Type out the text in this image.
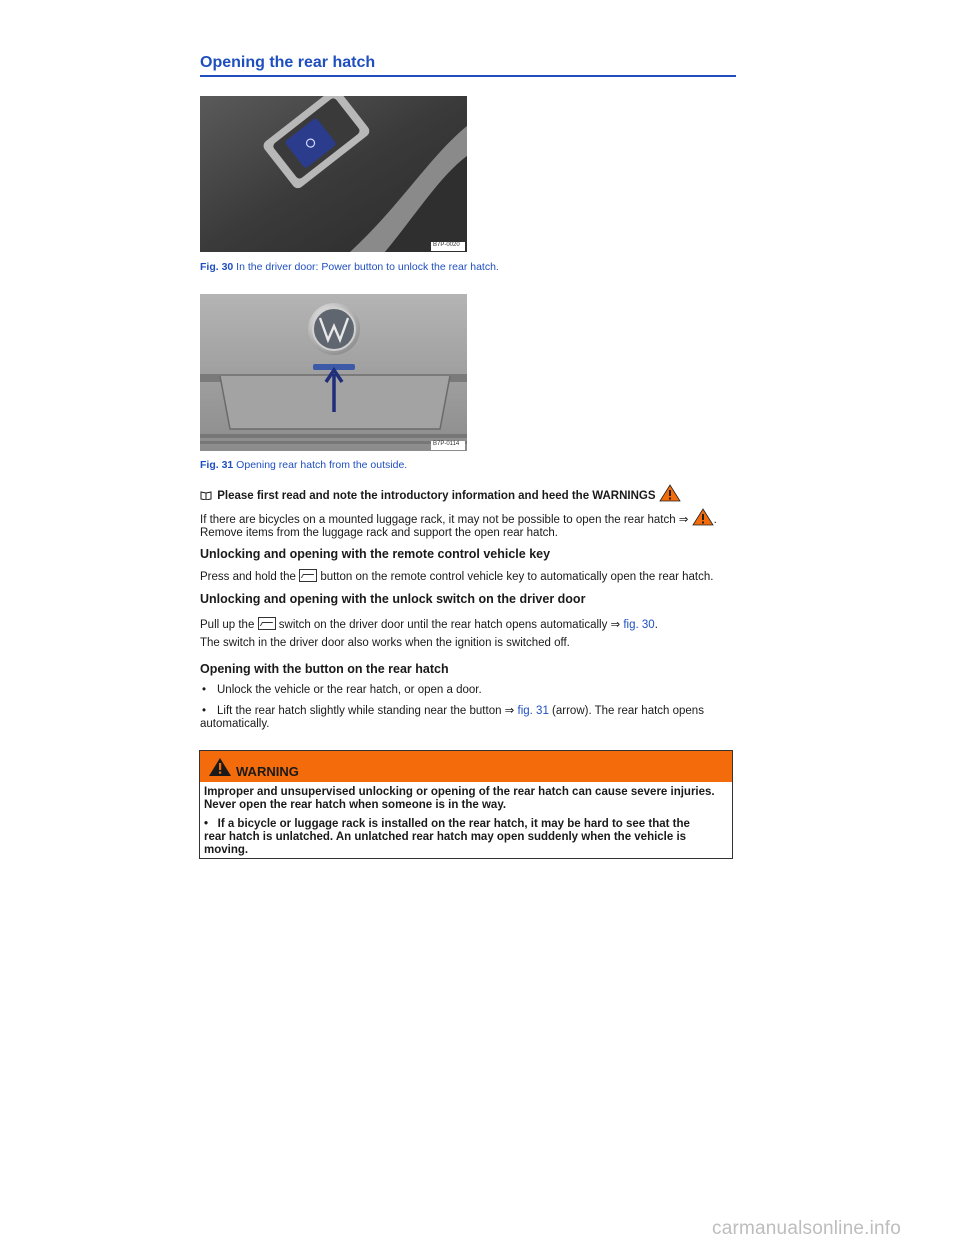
Opening the rear hatch
B7P-0020
Fig. 30 In the driver door: Power button to unlock the rear hatch.
B7P-0114
Fig. 31 Opening rear hatch from the outside.
Please first read and note the introductory information and heed the WARNINGS
If there are bicycles on a mounted luggage rack, it may not be possible to open the rear hatch ⇒ .
Remove items from the luggage rack and support the open rear hatch.
Unlocking and opening with the remote control vehicle key
Press and hold the  button on the remote control vehicle key to automatically open the rear hatch.
Unlocking and opening with the unlock switch on the driver door
Pull up the  switch on the driver door until the rear hatch opens automatically ⇒ fig. 30.
The switch in the driver door also works when the ignition is switched off.
Opening with the button on the rear hatch
• Unlock the vehicle or the rear hatch, or open a door.
• Lift the rear hatch slightly while standing near the button ⇒ fig. 31 (arrow). The rear hatch opens
automatically.
WARNING
Improper and unsupervised unlocking or opening of the rear hatch can cause severe injuries.
Never open the rear hatch when someone is in the way.
•   If a bicycle or luggage rack is installed on the rear hatch, it may be hard to see that the
rear hatch is unlatched. An unlatched rear hatch may open suddenly when the vehicle is
moving.
carmanualsonline.info
